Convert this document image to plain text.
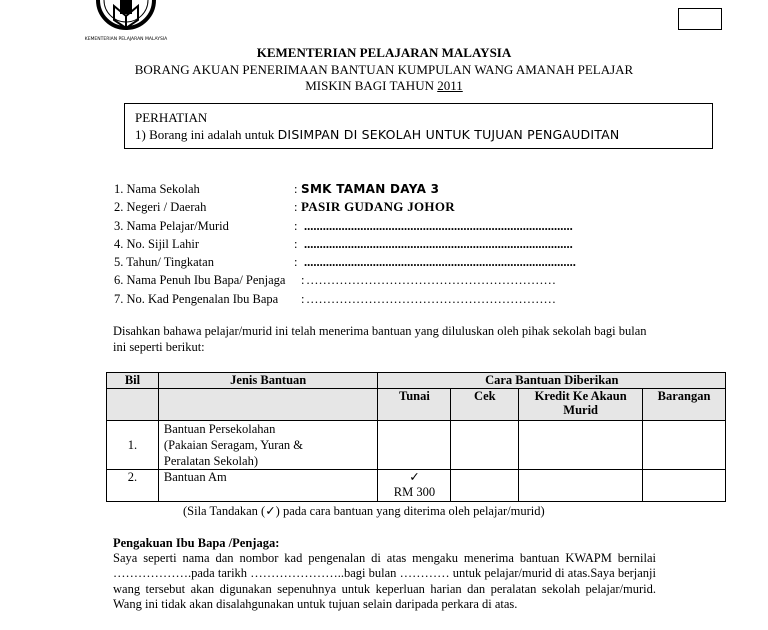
KEMENTERIAN PELAJARAN MALAYSIA
KEMENTERIAN PELAJARAN MALAYSIA
BORANG AKUAN PENERIMAAN BANTUAN KUMPULAN WANG AMANAH PELAJAR
MISKIN BAGI TAHUN 2011
PERHATIAN
1) Borang ini adalah untuk DISIMPAN DI SEKOLAH UNTUK TUJUAN PENGAUDITAN
1. Nama Sekolah	: SMK TAMAN DAYA 3
2. Negeri / Daerah	: PASIR GUDANG JOHOR
3. Nama Pelajar/Murid	: ......................................................................................
4. No. Sijil Lahir	: ......................................................................................
5. Tahun/ Tingkatan	: .......................................................................................
6. Nama Penuh Ibu Bapa/ Penjaga : ……………………………………………………
7. No. Kad Pengenalan Ibu Bapa : ……………………………………………………
Disahkan bahawa pelajar/murid ini telah menerima bantuan yang diluluskan oleh pihak sekolah bagi bulan ini seperti berikut:
Bil	Jenis Bantuan	Cara Bantuan Diberikan			
		Tunai	Cek	Kredit Ke Akaun Murid	Barangan
1.	Bantuan Persekolahan
(Pakaian Seragam, Yuran &
Peralatan Sekolah)				

2.	Bantuan Am	✓
RM 300			

(Sila Tandakan (✓) pada cara bantuan yang diterima oleh pelajar/murid)
Pengakuan Ibu Bapa /Penjaga:
Saya seperti nama dan nombor kad pengenalan di atas mengaku menerima bantuan KWAPM bernilai ……………….pada tarikh …………………..bagi bulan ………… untuk pelajar/murid di atas.Saya berjanji wang tersebut akan digunakan sepenuhnya untuk keperluan harian dan peralatan sekolah pelajar/murid. Wang ini tidak akan disalahgunakan untuk tujuan selain daripada perkara di atas.
